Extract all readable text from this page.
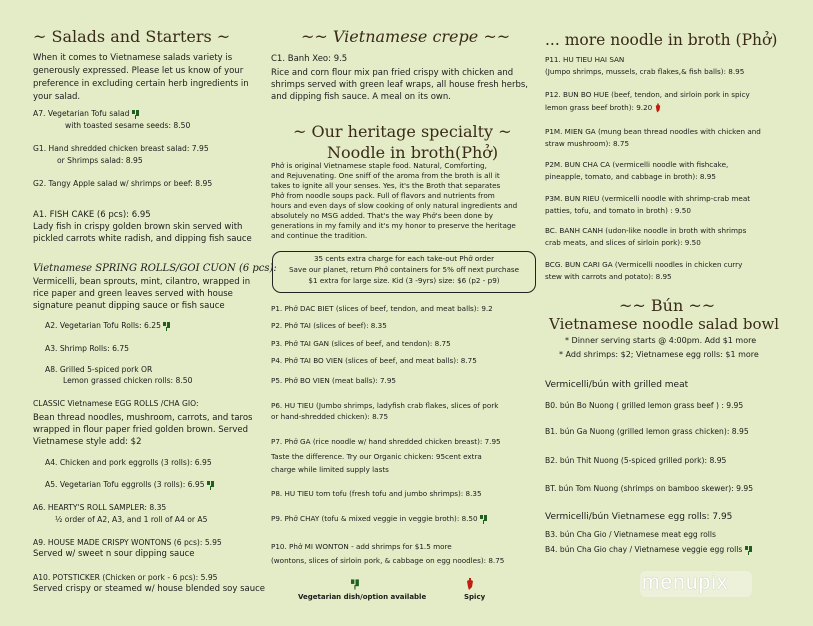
~ Salads and Starters ~
When it comes to Vietnamese salads variety is
generously expressed. Please let us know of your
preference in excluding certain herb ingredients in
your salad.
A7. Vegetarian Tofu salad
with toasted sesame seeds: 8.50
G1. Hand shredded chicken breast salad: 7.95
or Shrimps salad: 8.95
G2. Tangy Apple salad w/ shrimps or beef: 8.95
A1. FISH CAKE (6 pcs): 6.95
Lady fish in crispy golden brown skin served with
pickled carrots white radish, and dipping fish sauce
Vietnamese SPRING ROLLS/GOI CUON (6 pcs):
Vermicelli, bean sprouts, mint, cilantro, wrapped in
rice paper and green leaves served with house
signature peanut dipping sauce or fish sauce
A2. Vegetarian Tofu Rolls: 6.25
A3. Shrimp Rolls: 6.75
A8. Grilled 5-spiced pork OR
Lemon grassed chicken rolls: 8.50
CLASSIC Vietnamese EGG ROLLS /CHA GIO:
Bean thread noodles, mushroom, carrots, and taros
wrapped in flour paper fried golden brown. Served
Vietnamese style add: $2
A4. Chicken and pork eggrolls (3 rolls): 6.95
A5. Vegetarian Tofu eggrolls (3 rolls): 6.95
A6. HEARTY'S ROLL SAMPLER: 8.35
½ order of A2, A3, and 1 roll of A4 or A5
A9. HOUSE MADE CRISPY WONTONS (6 pcs): 5.95
Served w/ sweet n sour dipping sauce
A10. POTSTICKER (Chicken or pork - 6 pcs): 5.95
Served crispy or steamed w/ house blended soy sauce
~~ Vietnamese crepe ~~
C1. Banh Xeo: 9.5
Rice and corn flour mix pan fried crispy with chicken and
shrimps served with green leaf wraps, all house fresh herbs,
and dipping fish sauce. A meal on its own.
~ Our heritage specialty ~
Noodle in broth(Phở)
Phở is original Vietnamese staple food. Natural, Comforting,
and Rejuvenating. One sniff of the aroma from the broth is all it
takes to ignite all your senses. Yes, it's the Broth that separates
Phở from noodle soups pack. Full of flavors and nutrients from
hours and even days of slow cooking of only natural ingredients and
absolutely no MSG added. That's the way Phở's been done by
generations in my family and it's my honor to preserve the heritage
and continue the tradition.
35 cents extra charge for each take-out Phở order
Save our planet, return Phở containers for 5% off next purchase
$1 extra for large size. Kid (3 -9yrs) size: $6 (p2 - p9)
P1. Phở DAC BIET (slices of beef, tendon, and meat balls): 9.2
P2. Phở TAI (slices of beef): 8.35
P3. Phở TAI GAN (slices of beef, and tendon): 8.75
P4. Phở TAI BO VIEN (slices of beef, and meat balls): 8.75
P5. Phở BO VIEN (meat balls): 7.95
P6. HU TIEU (Jumbo shrimps, ladyfish crab flakes, slices of pork
or hand-shredded chicken): 8.75
P7. Phở GA (rice noodle w/ hand shredded chicken breast): 7.95
Taste the difference. Try our Organic chicken: 95cent extra
charge while limited supply lasts
P8. HU TIEU tom tofu (fresh tofu and jumbo shrimps): 8.35
P9. Phở CHAY (tofu & mixed veggie in veggie broth): 8.50
P10. Phở MI WONTON - add shrimps for $1.5 more
(wontons, slices of sirloin pork, & cabbage on egg noodles): 8.75
Vegetarian dish/option available	Spicy
... more noodle in broth (Phở)
P11. HU TIEU HAI SAN
(Jumpo shrimps, mussels, crab flakes,& fish balls): 8.95
P12. BUN BO HUE (beef, tendon, and sirloin pork in spicy
lemon grass beef broth): 9.20
P1M. MIEN GA (mung bean thread noodles with chicken and
straw mushroom): 8.75
P2M. BUN CHA CA (vermicelli noodle with fishcake,
pineapple, tomato, and cabbage in broth): 8.95
P3M. BUN RIEU (vermicelli noodle with shrimp-crab meat
patties, tofu, and tomato in broth) : 9.50
BC. BANH CANH (udon-like noodle in broth with shrimps
crab meats, and slices of sirloin pork): 9.50
BCG. BUN CARI GA (Vermicelli noodles in chicken curry
stew with carrots and potato): 8.95
~~ Bún ~~
Vietnamese noodle salad bowl
* Dinner serving starts @ 4:00pm. Add $1 more
* Add shrimps: $2; Vietnamese egg rolls: $1 more
Vermicelli/bún with grilled meat
B0. bún Bo Nuong ( grilled lemon grass beef ) : 9.95
B1. bún Ga Nuong (grilled lemon grass chicken): 8.95
B2. bún Thit Nuong (5-spiced grilled pork): 8.95
BT. bún Tom Nuong (shrimps on bamboo skewer): 9.95
Vermicelli/bún Vietnamese egg rolls: 7.95
B3. bún Cha Gio / Vietnamese meat egg rolls
B4. bún Cha Gio chay / Vietnamese veggie egg rolls
menupix
